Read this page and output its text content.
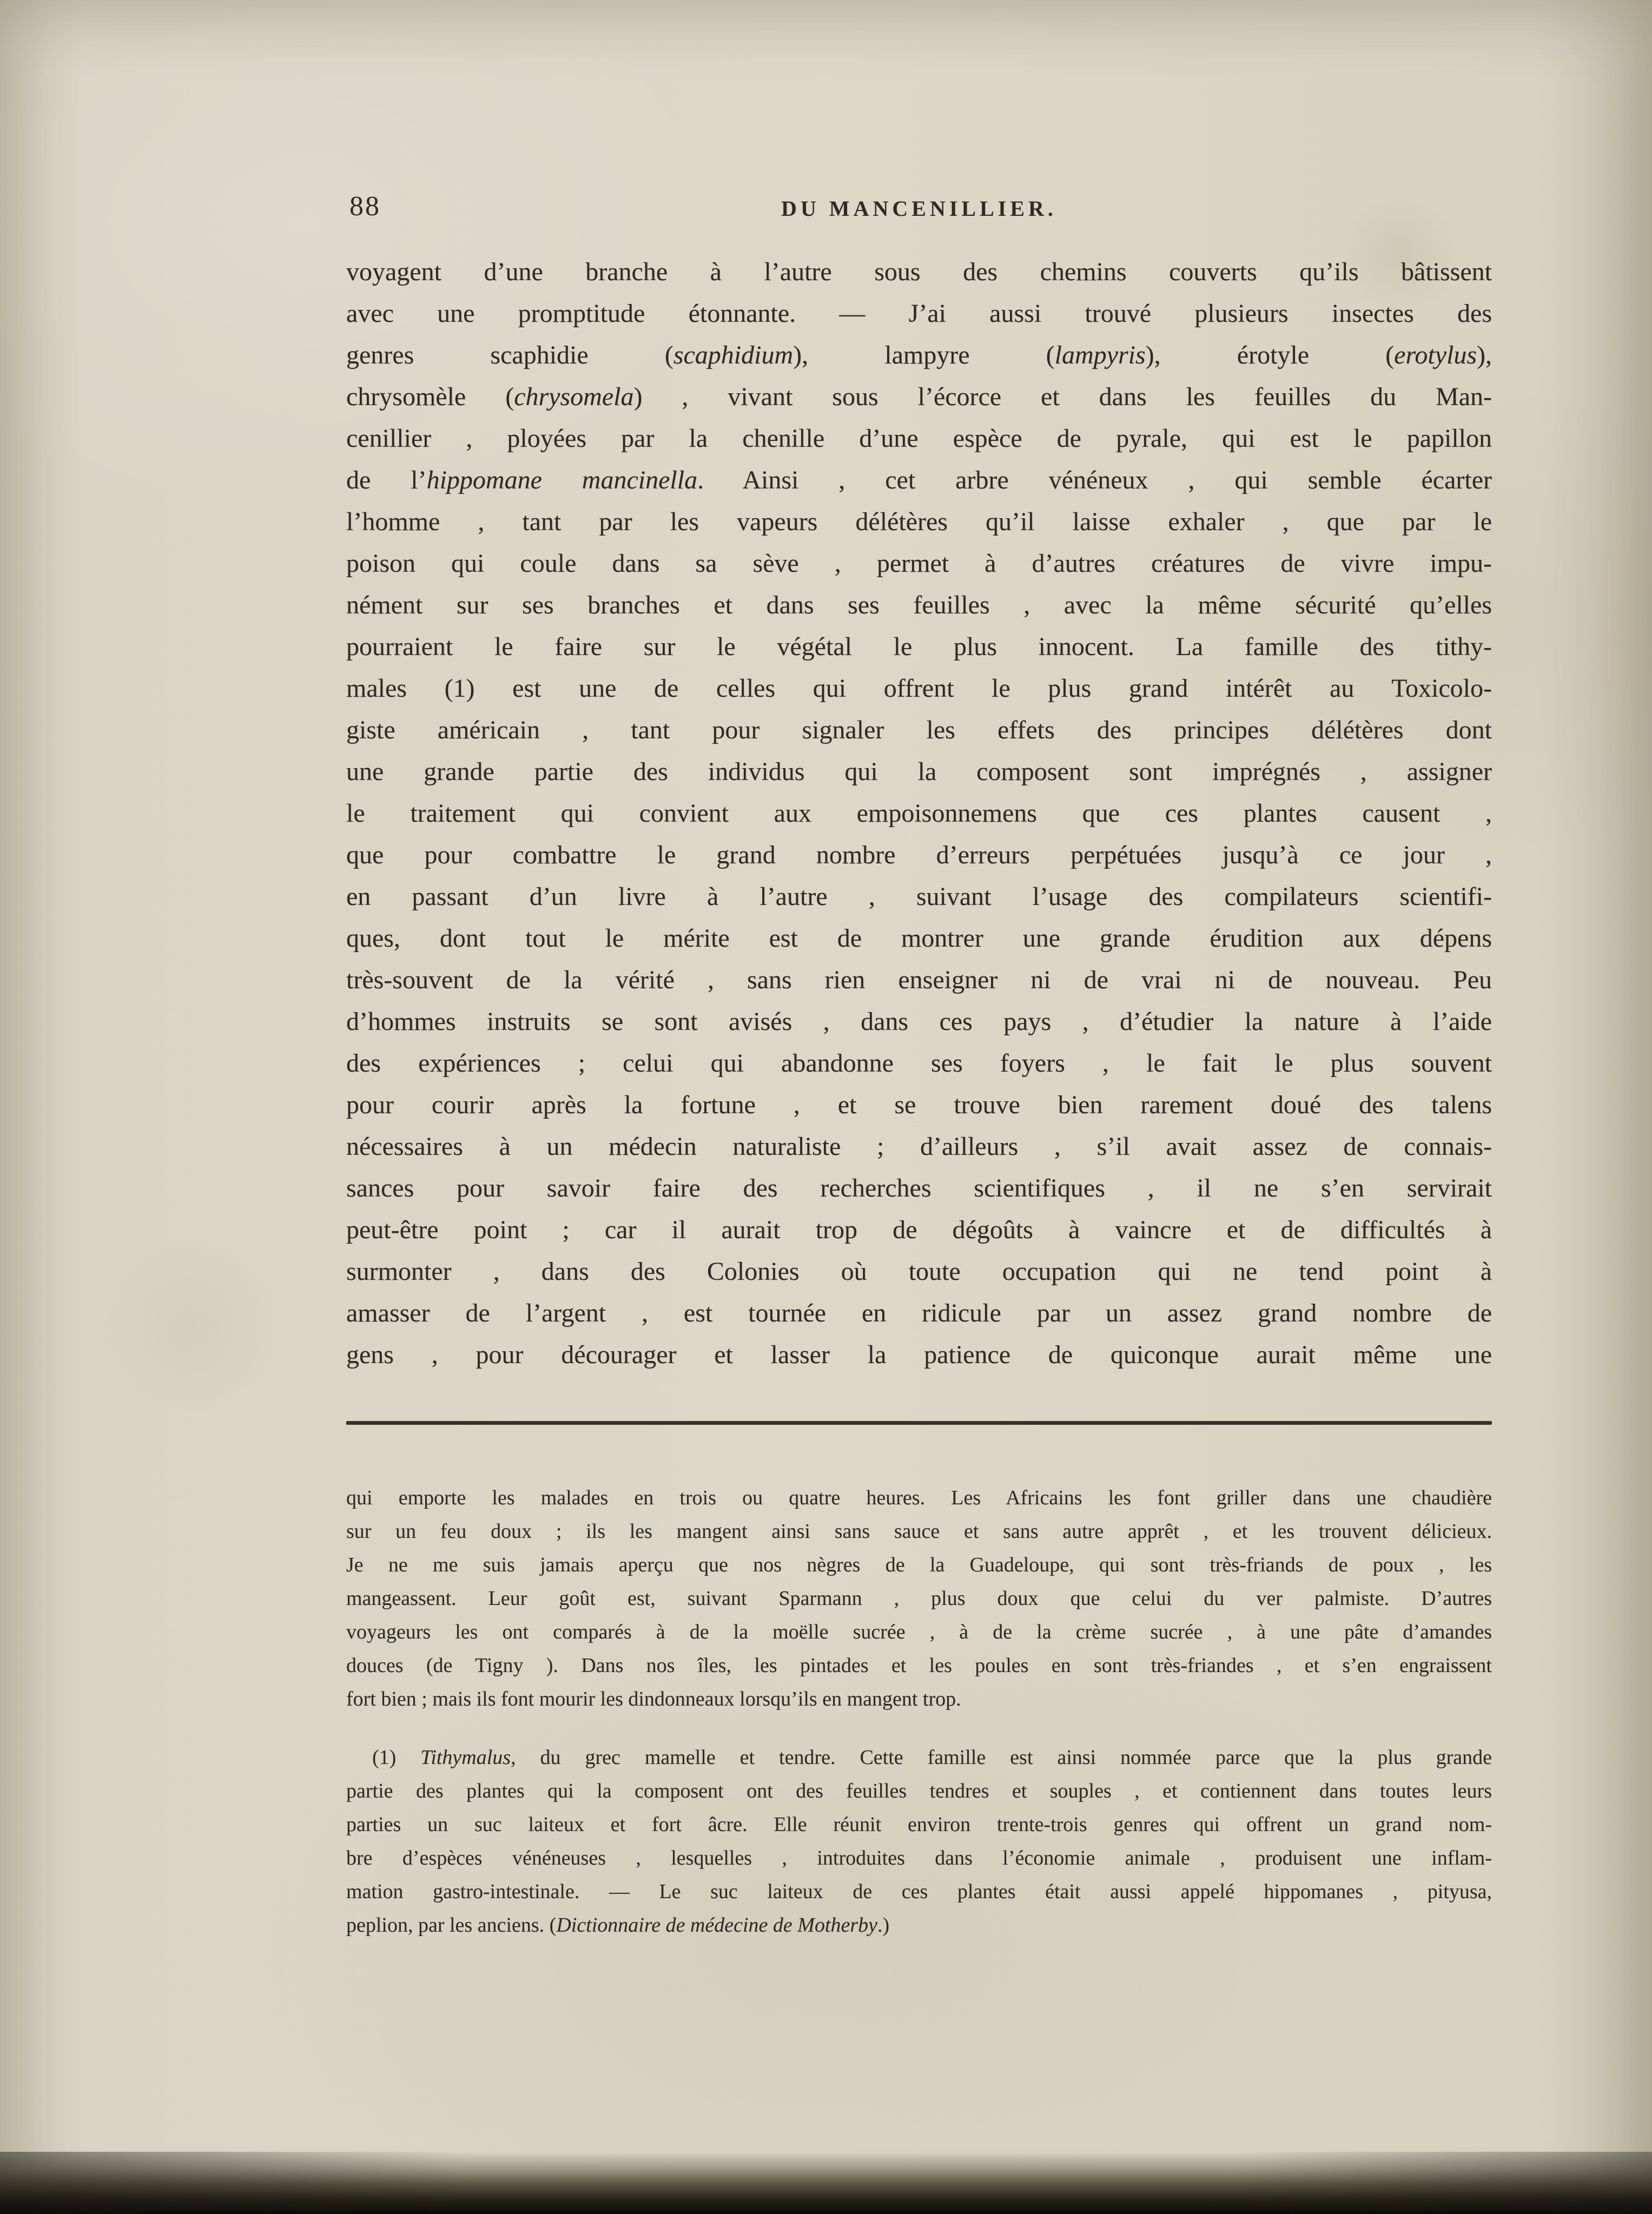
88	DU MANCENILLIER.
voyagent d’une branche à l’autre sous des chemins couverts qu’ils bâtissent
avec une promptitude étonnante. — J’ai aussi trouvé plusieurs insectes des
genres scaphidie (scaphidium), lampyre (lampyris), érotyle (erotylus),
chrysomèle (chrysomela) , vivant sous l’écorce et dans les feuilles du Man-
cenillier , ployées par la chenille d’une espèce de pyrale, qui est le papillon
de l’hippomane mancinella. Ainsi , cet arbre vénéneux , qui semble écarter
l’homme , tant par les vapeurs délétères qu’il laisse exhaler , que par le
poison qui coule dans sa sève , permet à d’autres créatures de vivre impu-
nément sur ses branches et dans ses feuilles , avec la même sécurité qu’elles
pourraient le faire sur le végétal le plus innocent. La famille des tithy-
males (1) est une de celles qui offrent le plus grand intérêt au Toxicolo-
giste américain , tant pour signaler les effets des principes délétères dont
une grande partie des individus qui la composent sont imprégnés , assigner
le traitement qui convient aux empoisonnemens que ces plantes causent ,
que pour combattre le grand nombre d’erreurs perpétuées jusqu’à ce jour ,
en passant d’un livre à l’autre , suivant l’usage des compilateurs scientifi-
ques, dont tout le mérite est de montrer une grande érudition aux dépens
très-souvent de la vérité , sans rien enseigner ni de vrai ni de nouveau. Peu
d’hommes instruits se sont avisés , dans ces pays , d’étudier la nature à l’aide
des expériences ; celui qui abandonne ses foyers , le fait le plus souvent
pour courir après la fortune , et se trouve bien rarement doué des talens
nécessaires à un médecin naturaliste ; d’ailleurs , s’il avait assez de connais-
sances pour savoir faire des recherches scientifiques , il ne s’en servirait
peut-être point ; car il aurait trop de dégoûts à vaincre et de difficultés à
surmonter , dans des Colonies où toute occupation qui ne tend point à
amasser de l’argent , est tournée en ridicule par un assez grand nombre de
gens , pour décourager et lasser la patience de quiconque aurait même une
qui emporte les malades en trois ou quatre heures. Les Africains les font griller dans une chaudière
sur un feu doux ; ils les mangent ainsi sans sauce et sans autre apprêt , et les trouvent délicieux.
Je ne me suis jamais aperçu que nos nègres de la Guadeloupe, qui sont très-friands de poux , les
mangeassent. Leur goût est, suivant Sparmann , plus doux que celui du ver palmiste. D’autres
voyageurs les ont comparés à de la moëlle sucrée , à de la crème sucrée , à une pâte d’amandes
douces (de Tigny ). Dans nos îles, les pintades et les poules en sont très-friandes , et s’en engraissent
fort bien ; mais ils font mourir les dindonneaux lorsqu’ils en mangent trop.
(1) Tithymalus, du grec mamelle et tendre. Cette famille est ainsi nommée parce que la plus grande
partie des plantes qui la composent ont des feuilles tendres et souples , et contiennent dans toutes leurs
parties un suc laiteux et fort âcre. Elle réunit environ trente-trois genres qui offrent un grand nom-
bre d’espèces vénéneuses , lesquelles , introduites dans l’économie animale , produisent une inflam-
mation gastro-intestinale. — Le suc laiteux de ces plantes était aussi appelé hippomanes , pityusa,
peplion, par les anciens. (Dictionnaire de médecine de Motherby.)
